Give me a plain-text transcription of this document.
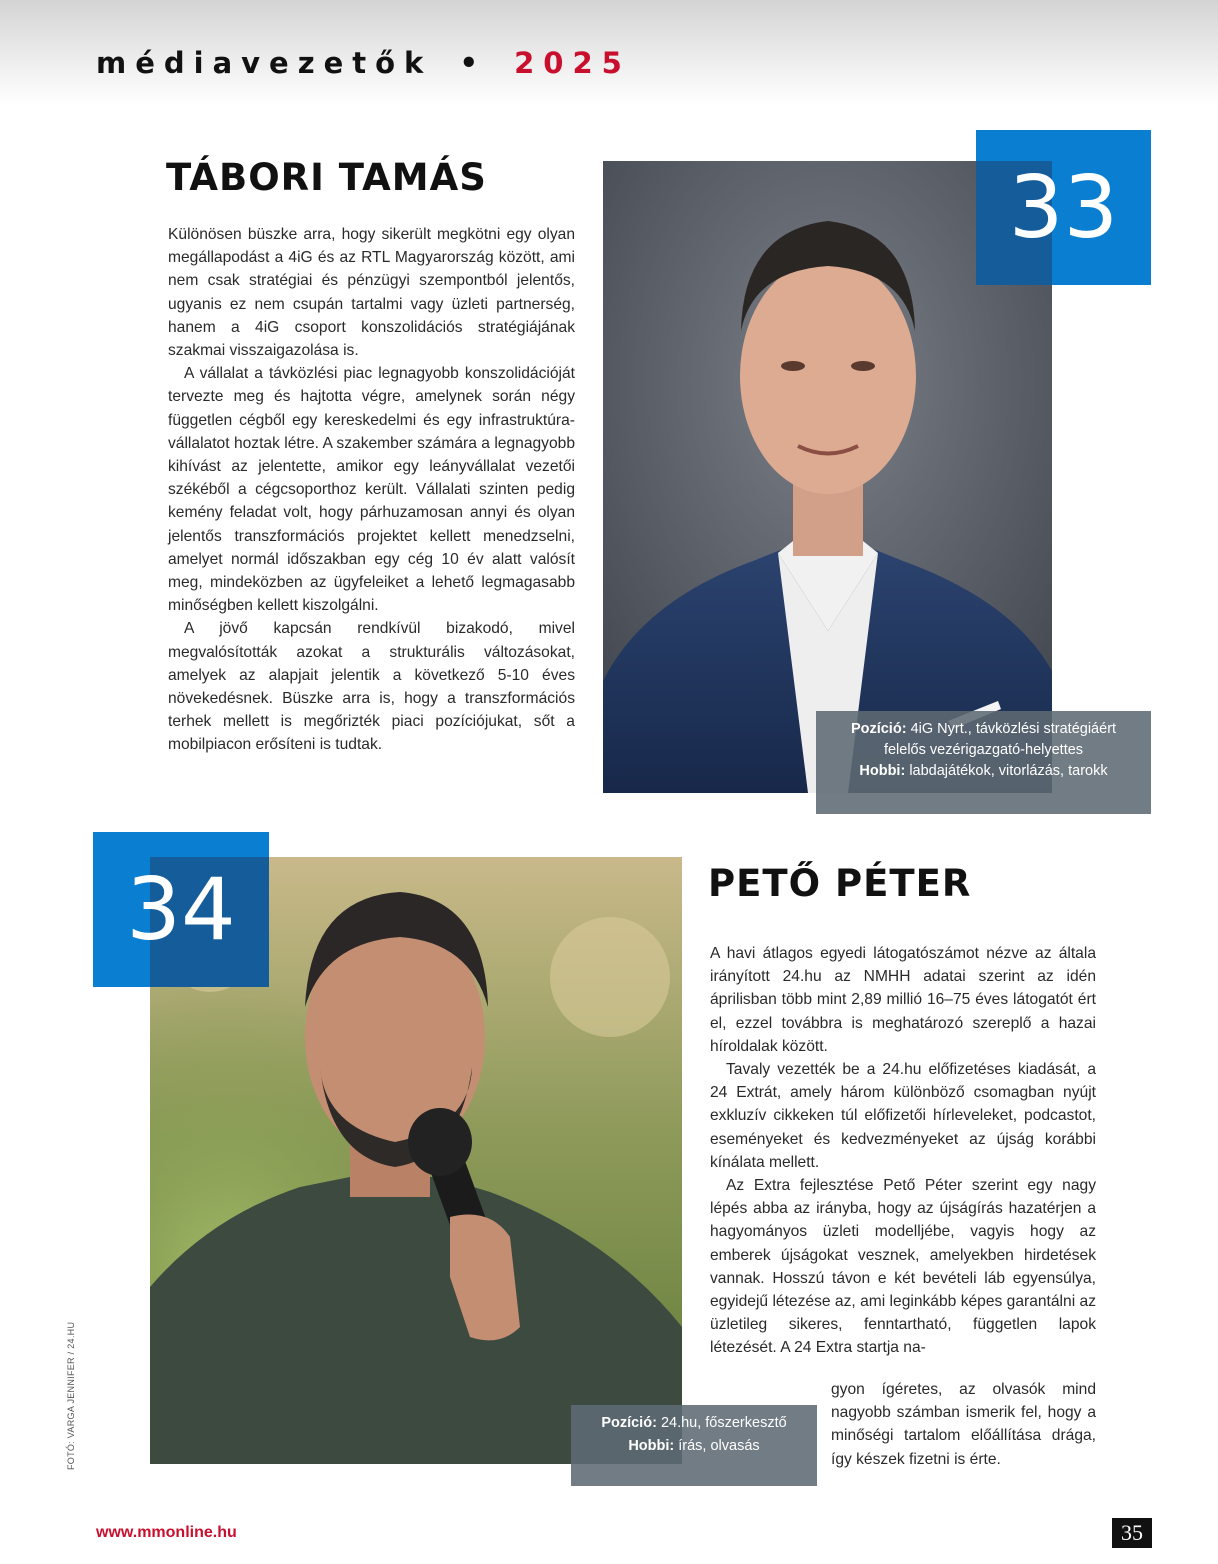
médiavezetők • 2025
TÁBORI TAMÁS

Különösen büszke arra, hogy sikerült megkötni egy olyan megállapodást a 4iG és az RTL Magyarország között, ami nem csak stratégiai és pénzügyi szempontból jelentős, ugyanis ez nem csupán tartalmi vagy üzleti partnerség, hanem a 4iG csoport konszolidációs stratégiájának szakmai visszaigazolása is.

A vállalat a távközlési piac legnagyobb konszolidációját tervezte meg és hajtotta végre, amelynek során négy független cégből egy kereskedelmi és egy infrastruktúra-vállalatot hoztak létre. A szakember számára a legnagyobb kihívást az jelentette, amikor egy leányvállalat vezetői székéből a cégcsoporthoz került. Vállalati szinten pedig kemény feladat volt, hogy párhuzamosan annyi és olyan jelentős transzformációs projektet kellett menedzselni, amelyet normál időszakban egy cég 10 év alatt valósít meg, mindeközben az ügyfeleiket a lehető legmagasabb minőségben kellett kiszolgálni.

A jövő kapcsán rendkívül bizakodó, mivel megvalósították azokat a strukturális változásokat, amelyek az alapjait jelentik a következő 5-10 éves növekedésnek. Büszke arra is, hogy a transzformációs terhek mellett is megőrizték piaci pozíciójukat, sőt a mobilpiacon erősíteni is tudtak.

33
Pozíció: 4iG Nyrt., távközlési stratégiáért
felelős vezérigazgató-helyettes
Hobbi: labdajátékok, vitorlázás, tarokk
34
Pozíció: 24.hu, főszerkesztő
Hobbi: írás, olvasás
PETŐ PÉTER

A havi átlagos egyedi látogatószámot nézve az általa irányított 24.hu az NMHH adatai szerint az idén áprilisban több mint 2,89 millió 16–75 éves látogatót ért el, ezzel továbbra is meghatározó szereplő a hazai híroldalak között.

Tavaly vezették be a 24.hu előfizetéses kiadását, a 24 Extrát, amely három különböző csomagban nyújt exkluzív cikkeken túl előfizetői hírleveleket, podcastot, eseményeket és kedvezményeket az újság korábbi kínálata mellett.

Az Extra fejlesztése Pető Péter szerint egy nagy lépés abba az irányba, hogy az újságírás hazatérjen a hagyományos üzleti modelljébe, vagyis hogy az emberek újságokat vesznek, amelyekben hirdetések vannak. Hosszú távon e két bevételi láb egyensúlya, egyidejű létezése az, ami leginkább képes garantálni az üzletileg sikeres, fenntartható, független lapok létezését. A 24 Extra startja na-

gyon ígéretes, az olvasók mind nagyobb számban ismerik fel, hogy a minőségi tartalom előállítása drága, így készek fizetni is érte.

FOTÓ: VARGA JENNIFER / 24.HU
www.mmonline.hu	35
